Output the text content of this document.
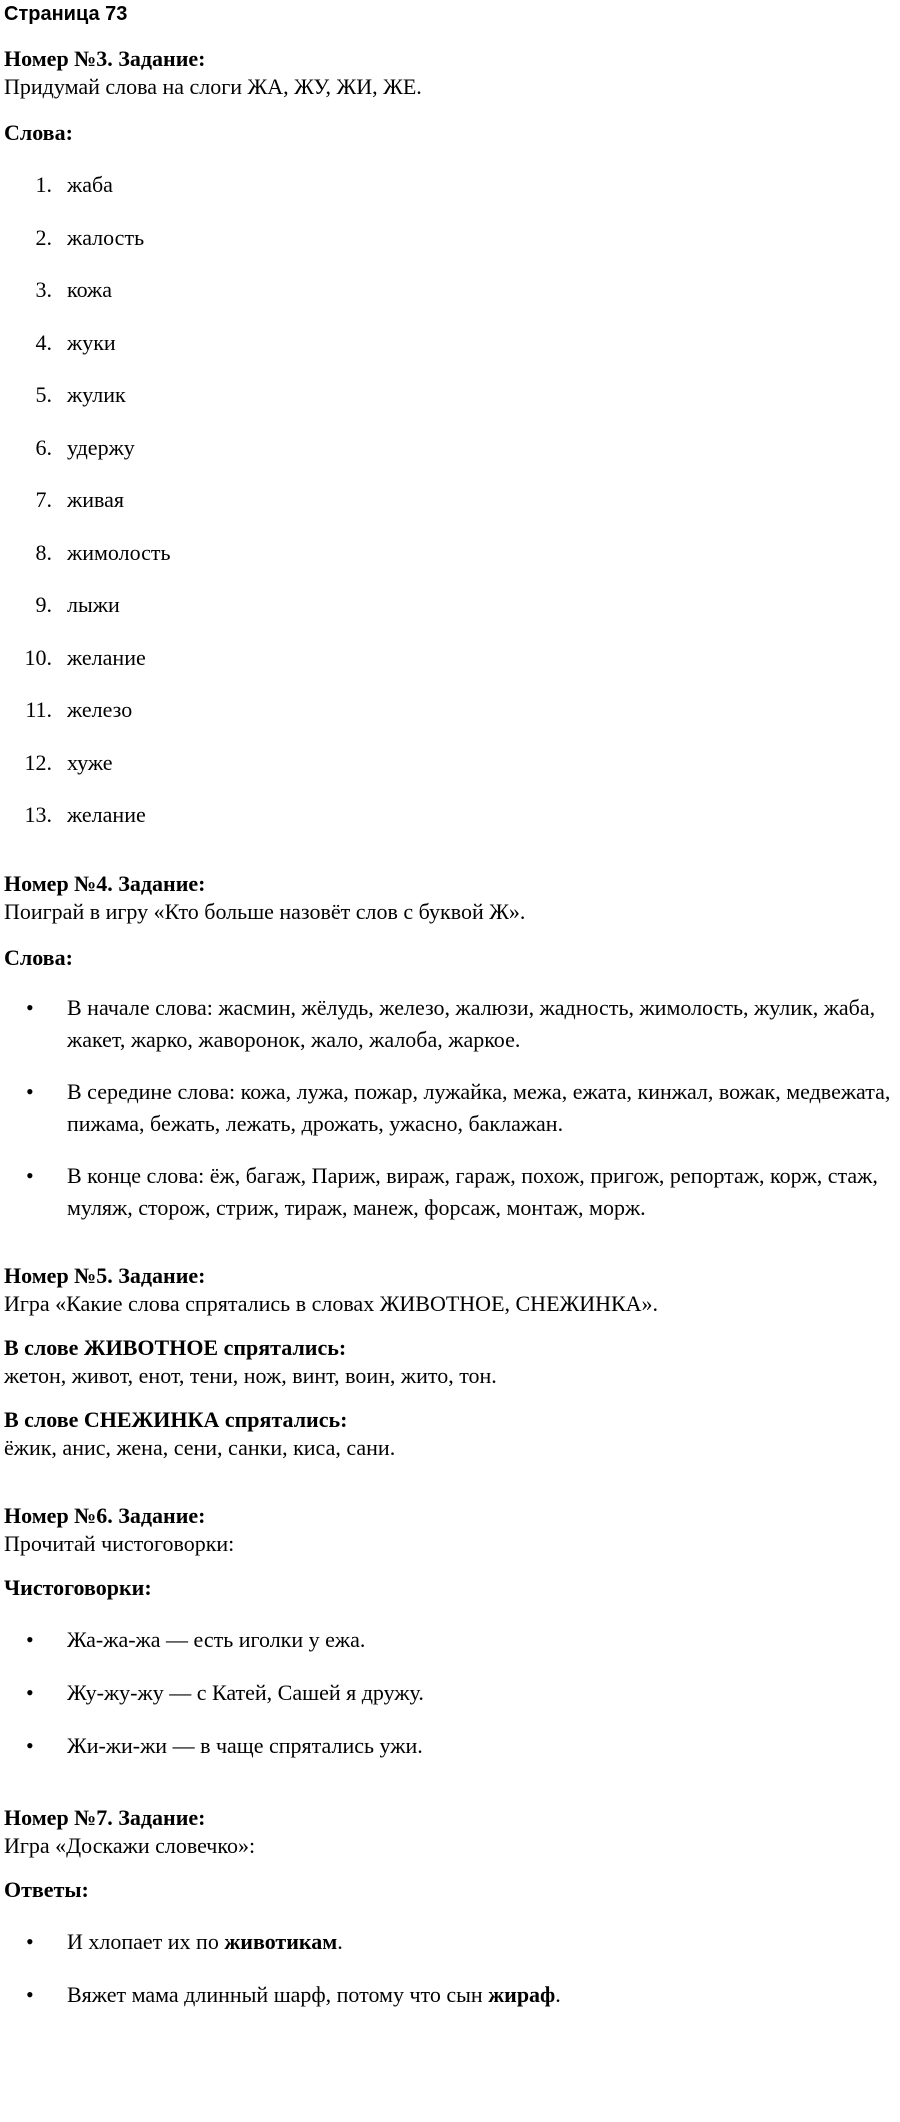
Страница 73
Номер №3. Задание:
Придумай слова на слоги ЖА, ЖУ, ЖИ, ЖЕ.
Слова:
1. жаба
2. жалость
3. кожа
4. жуки
5. жулик
6. удержу
7. живая
8. жимолость
9. лыжи
10. желание
11. железо
12. хуже
13. желание
Номер №4. Задание:
Поиграй в игру «Кто больше назовёт слов с буквой Ж».
Слова:
• В начале слова: жасмин, жёлудь, железо, жалюзи, жадность, жимолость, жулик, жаба, жакет, жарко, жаворонок, жало, жалоба, жаркое.
• В середине слова: кожа, лужа, пожар, лужайка, межа, ежата, кинжал, вожак, медвежата, пижама, бежать, лежать, дрожать, ужасно, баклажан.
• В конце слова: ёж, багаж, Париж, вираж, гараж, похож, пригож, репортаж, корж, стаж, муляж, сторож, стриж, тираж, манеж, форсаж, монтаж, морж.
Номер №5. Задание:
Игра «Какие слова спрятались в словах ЖИВОТНОЕ, СНЕЖИНКА».
В слове ЖИВОТНОЕ спрятались:
жетон, живот, енот, тени, нож, винт, воин, жито, тон.
В слове СНЕЖИНКА спрятались:
ёжик, анис, жена, сени, санки, киса, сани.
Номер №6. Задание:
Прочитай чистоговорки:
Чистоговорки:
• Жа-жа-жа — есть иголки у ежа.
• Жу-жу-жу — с Катей, Сашей я дружу.
• Жи-жи-жи — в чаще спрятались ужи.
Номер №7. Задание:
Игра «Доскажи словечко»:
Ответы:
• И хлопает их по животикам.
• Вяжет мама длинный шарф, потому что сын жираф.
